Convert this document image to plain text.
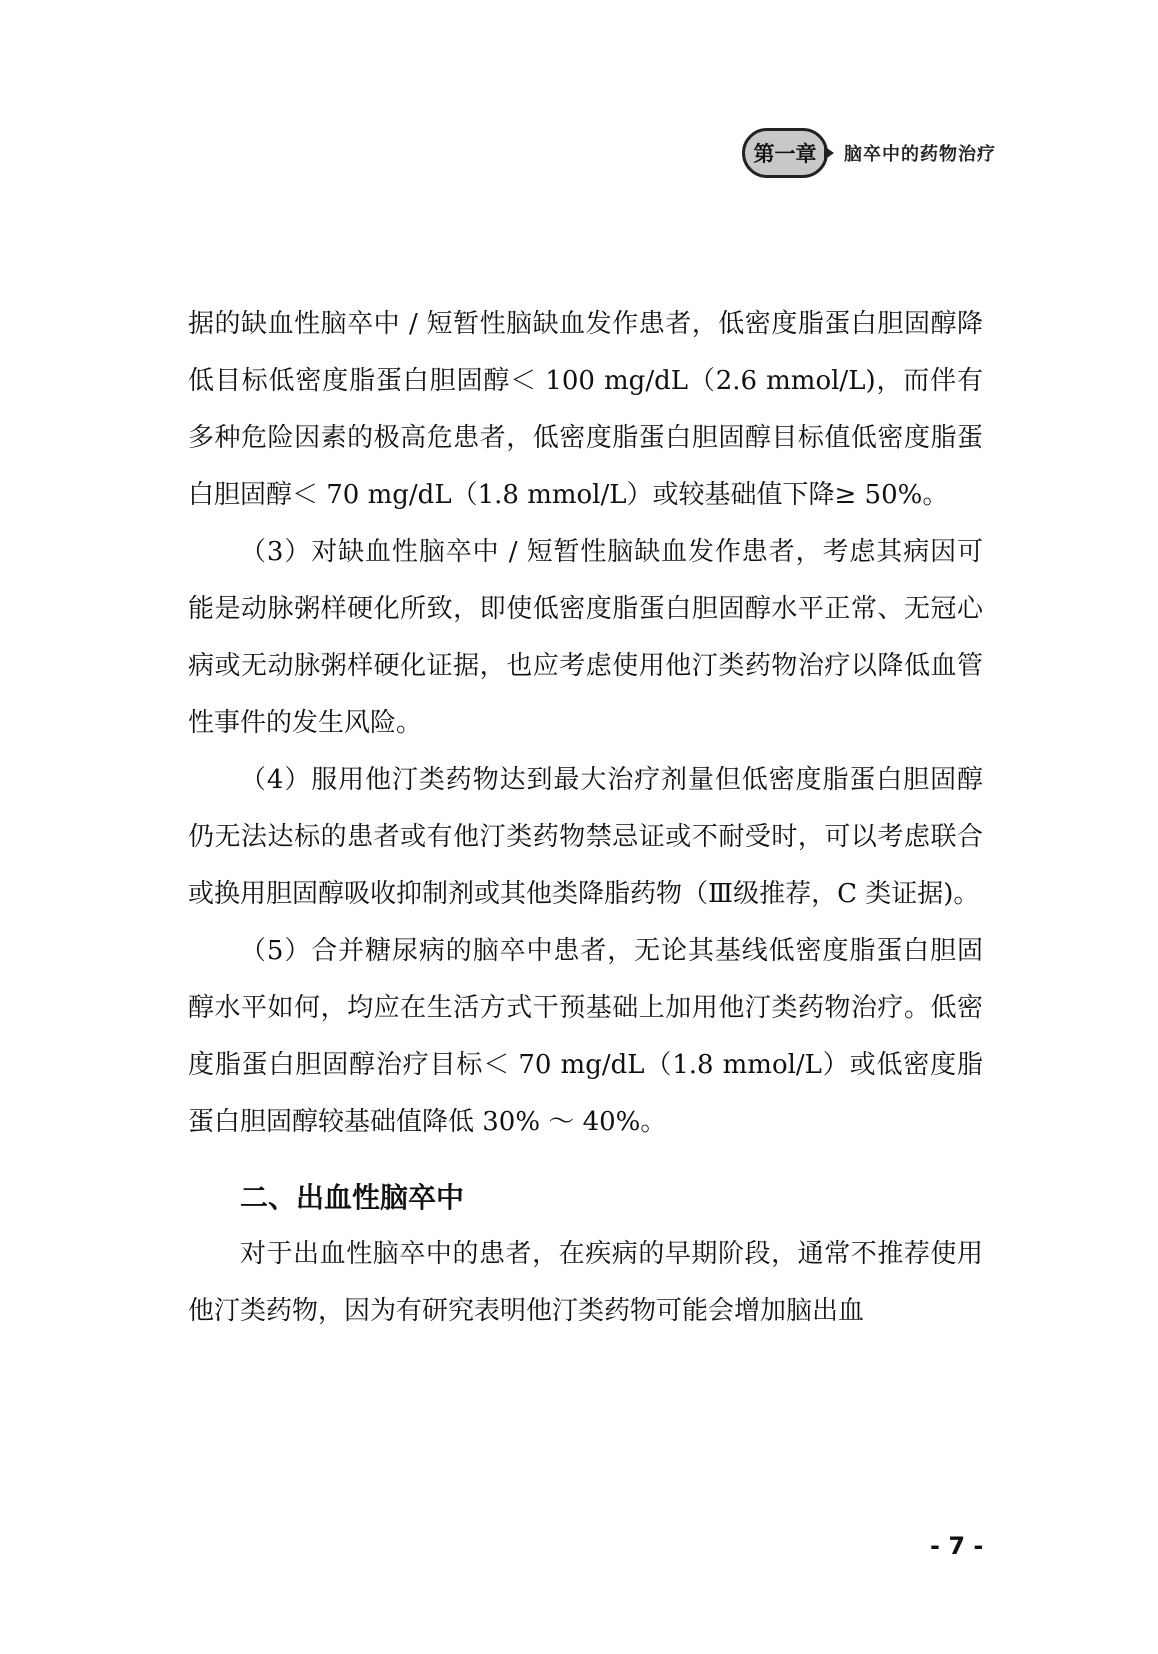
第一章	脑卒中的药物治疗

据的缺血性脑卒中 / 短暂性脑缺血发作患者，低密度脂蛋白胆固醇降低目标低密度脂蛋白胆固醇＜ 100 mg/dL（2.6 mmol/L)，而伴有多种危险因素的极高危患者，低密度脂蛋白胆固醇目标值低密度脂蛋白胆固醇＜ 70 mg/dL（1.8 mmol/L）或较基础值下降≥ 50%。

（3）对缺血性脑卒中 / 短暂性脑缺血发作患者，考虑其病因可能是动脉粥样硬化所致，即使低密度脂蛋白胆固醇水平正常、无冠心病或无动脉粥样硬化证据，也应考虑使用他汀类药物治疗以降低血管性事件的发生风险。

（4）服用他汀类药物达到最大治疗剂量但低密度脂蛋白胆固醇仍无法达标的患者或有他汀类药物禁忌证或不耐受时，可以考虑联合或换用胆固醇吸收抑制剂或其他类降脂药物（Ⅲ级推荐，C 类证据)。

（5）合并糖尿病的脑卒中患者，无论其基线低密度脂蛋白胆固醇水平如何，均应在生活方式干预基础上加用他汀类药物治疗。低密度脂蛋白胆固醇治疗目标＜ 70 mg/dL（1.8 mmol/L）或低密度脂蛋白胆固醇较基础值降低 30% ～ 40%。

二、出血性脑卒中

对于出血性脑卒中的患者，在疾病的早期阶段，通常不推荐使用他汀类药物，因为有研究表明他汀类药物可能会增加脑出血

- 7 -
